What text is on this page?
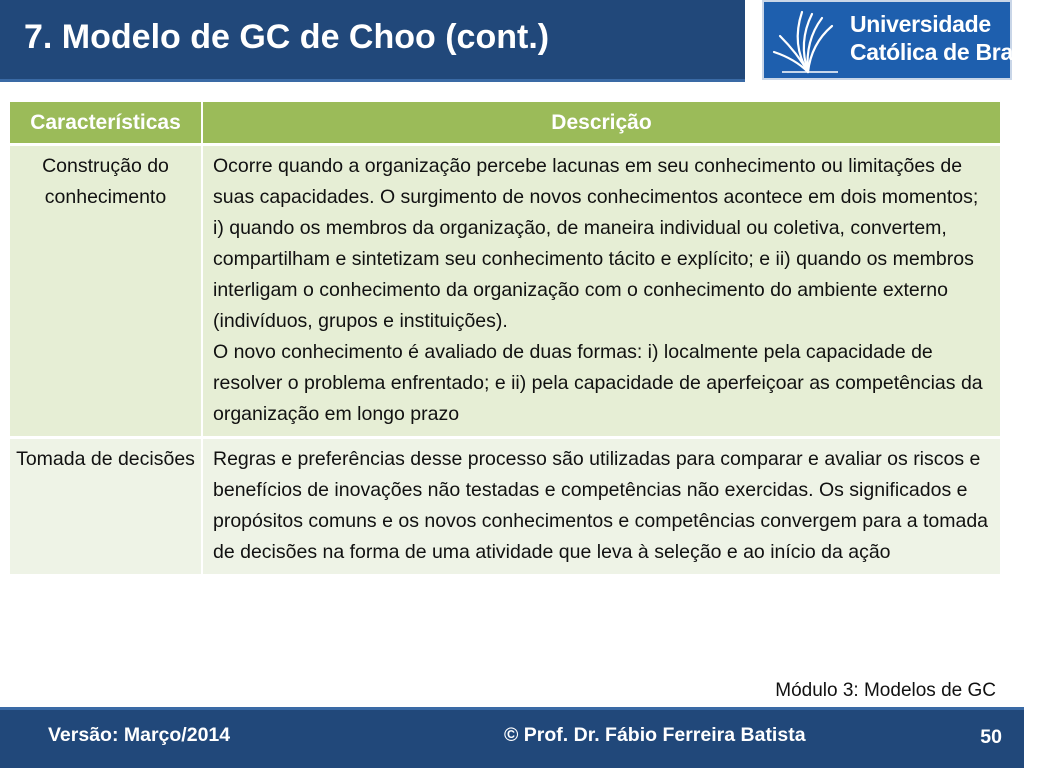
7. Modelo de GC de Choo (cont.)	Universidade
Católica de Brasília
Características	Descrição
Construção do conhecimento	Ocorre quando a organização percebe lacunas em seu conhecimento ou limitações de suas capacidades. O surgimento de novos conhecimentos acontece em dois momentos; i) quando os membros da organização, de maneira individual ou coletiva, convertem, compartilham e sintetizam seu conhecimento tácito e explícito; e ii) quando os membros interligam o conhecimento da organização com o conhecimento do ambiente externo (indivíduos, grupos e instituições).
O novo conhecimento é avaliado de duas formas: i) localmente pela capacidade de resolver o problema enfrentado; e ii) pela capacidade de aperfeiçoar as competências da organização em longo prazo

Tomada de decisões	Regras e preferências desse processo são utilizadas para comparar e avaliar os riscos e benefícios de inovações não testadas e competências não exercidas. Os significados e propósitos comuns e os novos conhecimentos e competências convergem para a tomada de decisões na forma de uma atividade que leva à seleção e ao início da ação
Módulo 3: Modelos de GC
Versão: Março/2014	© Prof. Dr. Fábio Ferreira Batista	50
